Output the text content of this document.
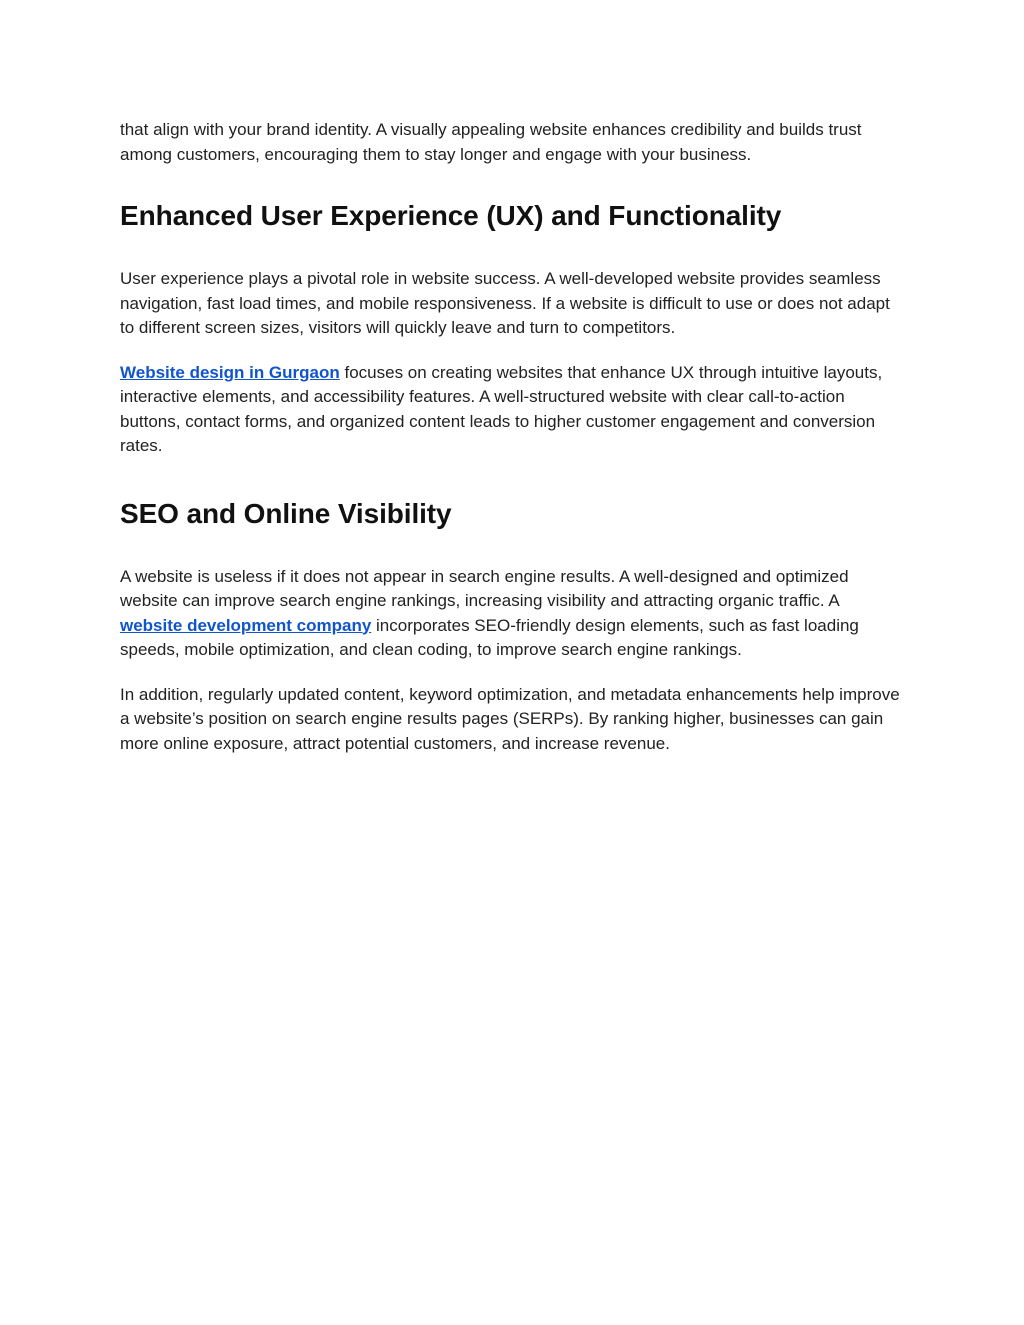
that align with your brand identity. A visually appealing website enhances credibility and builds trust among customers, encouraging them to stay longer and engage with your business.

Enhanced User Experience (UX) and Functionality

User experience plays a pivotal role in website success. A well-developed website provides seamless navigation, fast load times, and mobile responsiveness. If a website is difficult to use or does not adapt to different screen sizes, visitors will quickly leave and turn to competitors.

Website design in Gurgaon focuses on creating websites that enhance UX through intuitive layouts, interactive elements, and accessibility features. A well-structured website with clear call-to-action buttons, contact forms, and organized content leads to higher customer engagement and conversion rates.

SEO and Online Visibility

A website is useless if it does not appear in search engine results. A well-designed and optimized website can improve search engine rankings, increasing visibility and attracting organic traffic. A website development company incorporates SEO-friendly design elements, such as fast loading speeds, mobile optimization, and clean coding, to improve search engine rankings.

In addition, regularly updated content, keyword optimization, and metadata enhancements help improve a website’s position on search engine results pages (SERPs). By ranking higher, businesses can gain more online exposure, attract potential customers, and increase revenue.
